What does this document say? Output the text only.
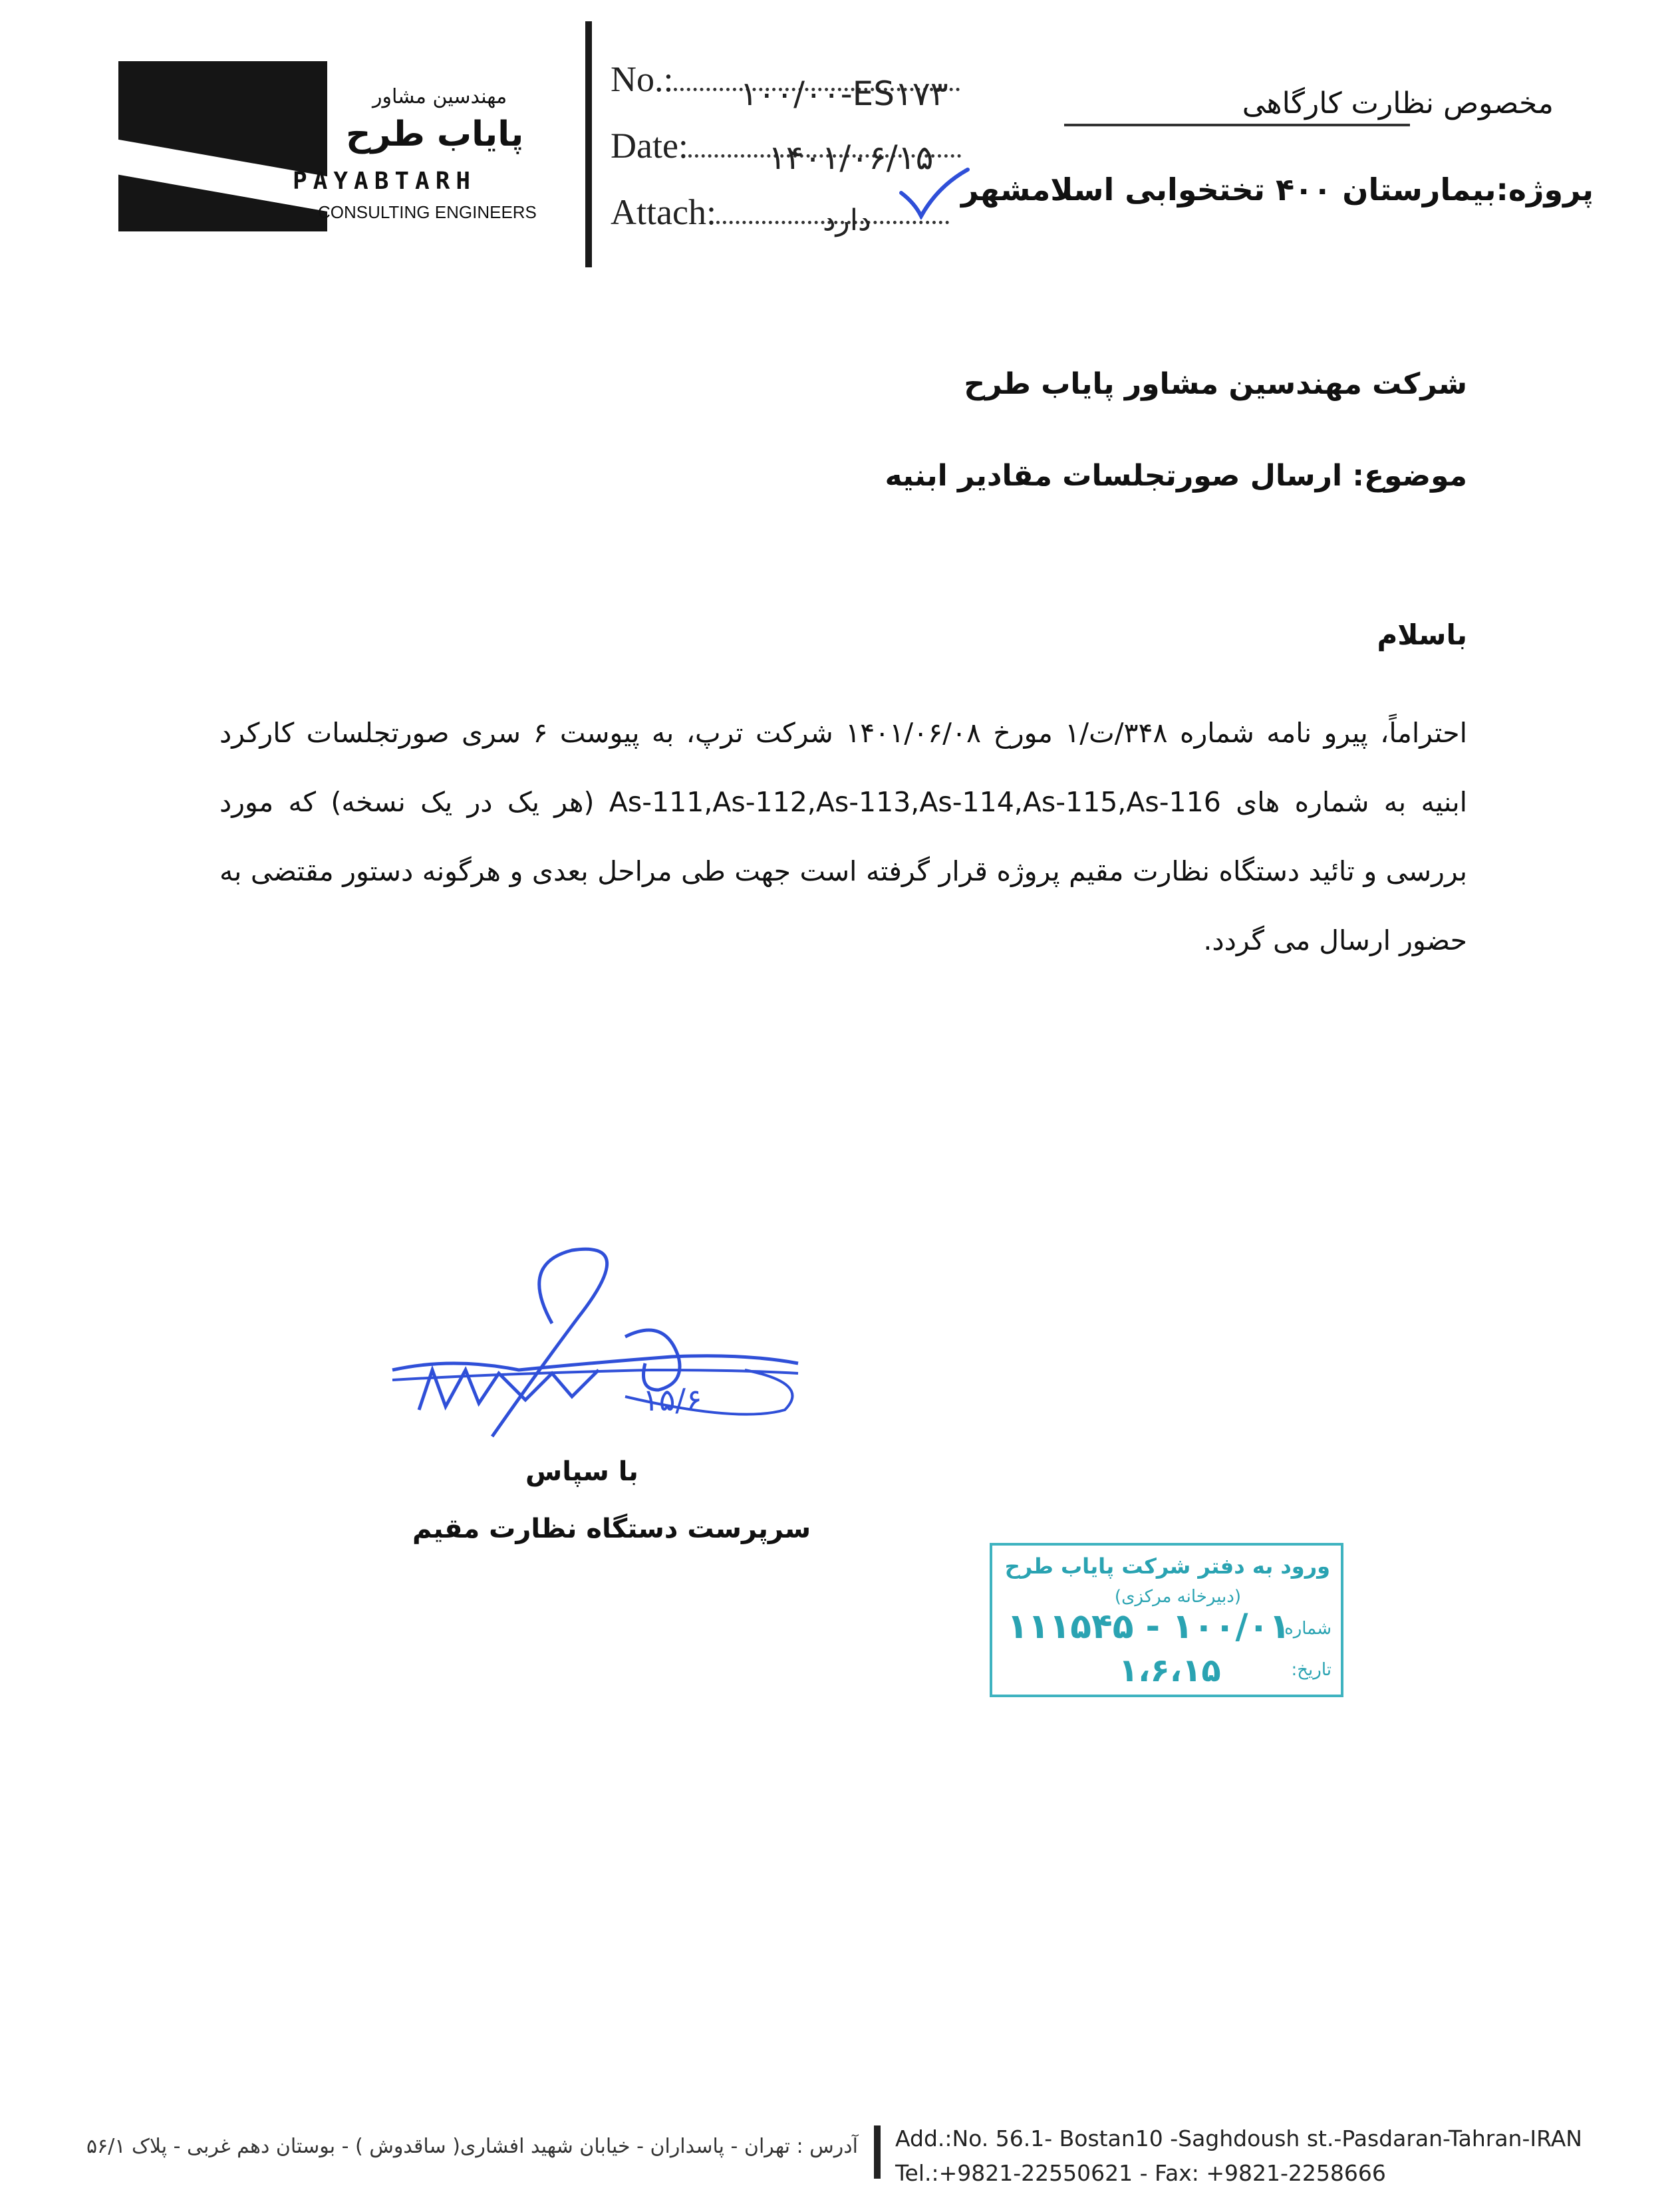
مهندسین مشاور
پایاب طرح
PAYABTARH
CONSULTING ENGINEERS
No.: ۱۰۰/۰۰-ES۱۷۳
Date: ۱۴۰۱/۰۶/۱۵
Attach:	دارد
مخصوص نظارت کارگاهی
پروژه:بیمارستان ۴۰۰ تختخوابی اسلامشهر
شرکت مهندسین مشاور پایاب طرح
موضوع: ارسال صورتجلسات مقادیر ابنیه
باسلام
احتراماً، پیرو نامه شماره ۳۴۸/ت/۱ مورخ ۱۴۰۱/۰۶/۰۸ شرکت ترپ، به پیوست ۶ سری صورتجلسات کارکرد ابنیه به شماره های As-111,As-112,As-113,As-114,As-115,As-116 (هر یک در یک نسخه) که مورد بررسی و تائید دستگاه نظارت مقیم پروژه قرار گرفته است جهت طی مراحل بعدی و هرگونه دستور مقتضی به حضور ارسال می گردد.
۱۵/۶
با سپاس
سرپرست دستگاه نظارت مقیم
ورود به دفتر شرکت پایاب طرح
(دبیرخانه مرکزی)
شماره:
۱۰۰/۰۱ - ۱۱۱۵۴۵
تاریخ:
۱،۶،۱۵
آدرس : تهران - پاسداران - خیابان شهید افشاری( ساقدوش ) - بوستان دهم غربی - پلاک ۵۶/۱ Add.:No. 56.1- Bostan10 -Saghdoush st.-Pasdaran-Tahran-IRAN
Tel.:+9821-22550621 - Fax: +9821-2258666
